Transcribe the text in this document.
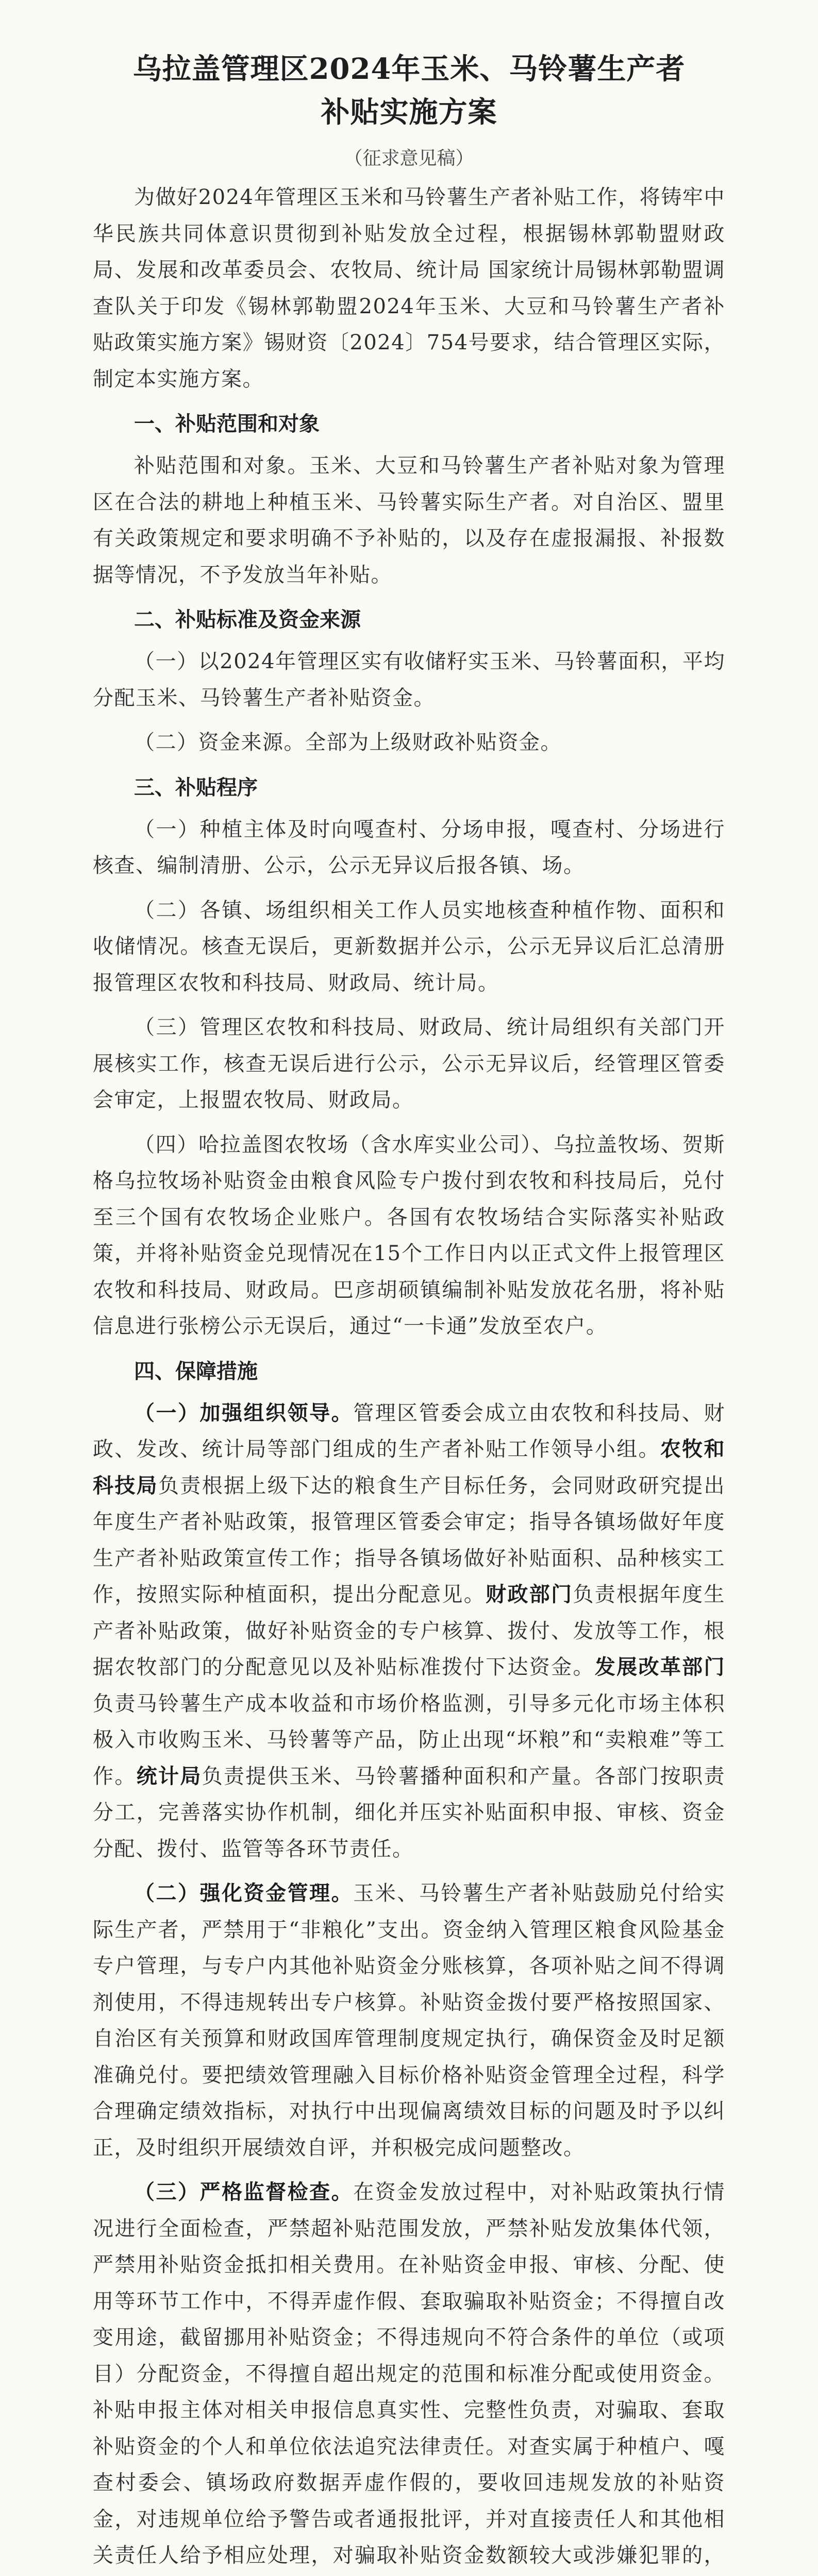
乌拉盖管理区2024年玉米、马铃薯生产者
补贴实施方案
（征求意见稿）

为做好2024年管理区玉米和马铃薯生产者补贴工作，将铸牢中华民族共同体意识贯彻到补贴发放全过程，根据锡林郭勒盟财政局、发展和改革委员会、农牧局、统计局 国家统计局锡林郭勒盟调查队关于印发《锡林郭勒盟2024年玉米、大豆和马铃薯生产者补贴政策实施方案》锡财资〔2024〕754号要求，结合管理区实际，制定本实施方案。

一、补贴范围和对象

补贴范围和对象。玉米、大豆和马铃薯生产者补贴对象为管理区在合法的耕地上种植玉米、马铃薯实际生产者。对自治区、盟里有关政策规定和要求明确不予补贴的，以及存在虚报漏报、补报数据等情况，不予发放当年补贴。

二、补贴标准及资金来源

（一）以2024年管理区实有收储籽实玉米、马铃薯面积，平均分配玉米、马铃薯生产者补贴资金。

（二）资金来源。全部为上级财政补贴资金。

三、补贴程序

（一）种植主体及时向嘎查村、分场申报，嘎查村、分场进行核查、编制清册、公示，公示无异议后报各镇、场。

（二）各镇、场组织相关工作人员实地核查种植作物、面积和收储情况。核查无误后，更新数据并公示，公示无异议后汇总清册报管理区农牧和科技局、财政局、统计局。

（三）管理区农牧和科技局、财政局、统计局组织有关部门开展核实工作，核查无误后进行公示，公示无异议后，经管理区管委会审定，上报盟农牧局、财政局。

（四）哈拉盖图农牧场（含水库实业公司）、乌拉盖牧场、贺斯格乌拉牧场补贴资金由粮食风险专户拨付到农牧和科技局后，兑付至三个国有农牧场企业账户。各国有农牧场结合实际落实补贴政策，并将补贴资金兑现情况在15个工作日内以正式文件上报管理区农牧和科技局、财政局。巴彦胡硕镇编制补贴发放花名册，将补贴信息进行张榜公示无误后，通过“一卡通”发放至农户。

四、保障措施

（一）加强组织领导。管理区管委会成立由农牧和科技局、财政、发改、统计局等部门组成的生产者补贴工作领导小组。农牧和科技局负责根据上级下达的粮食生产目标任务，会同财政研究提出年度生产者补贴政策，报管理区管委会审定；指导各镇场做好年度生产者补贴政策宣传工作；指导各镇场做好补贴面积、品种核实工作，按照实际种植面积，提出分配意见。财政部门负责根据年度生产者补贴政策，做好补贴资金的专户核算、拨付、发放等工作，根据农牧部门的分配意见以及补贴标准拨付下达资金。发展改革部门负责马铃薯生产成本收益和市场价格监测，引导多元化市场主体积极入市收购玉米、马铃薯等产品，防止出现“坏粮”和“卖粮难”等工作。统计局负责提供玉米、马铃薯播种面积和产量。各部门按职责分工，完善落实协作机制，细化并压实补贴面积申报、审核、资金分配、拨付、监管等各环节责任。

（二）强化资金管理。玉米、马铃薯生产者补贴鼓励兑付给实际生产者，严禁用于“非粮化”支出。资金纳入管理区粮食风险基金专户管理，与专户内其他补贴资金分账核算，各项补贴之间不得调剂使用，不得违规转出专户核算。补贴资金拨付要严格按照国家、自治区有关预算和财政国库管理制度规定执行，确保资金及时足额准确兑付。要把绩效管理融入目标价格补贴资金管理全过程，科学合理确定绩效指标，对执行中出现偏离绩效目标的问题及时予以纠正，及时组织开展绩效自评，并积极完成问题整改。

（三）严格监督检查。在资金发放过程中，对补贴政策执行情况进行全面检查，严禁超补贴范围发放，严禁补贴发放集体代领，严禁用补贴资金抵扣相关费用。在补贴资金申报、审核、分配、使用等环节工作中，不得弄虚作假、套取骗取补贴资金；不得擅自改变用途，截留挪用补贴资金；不得违规向不符合条件的单位（或项目）分配资金，不得擅自超出规定的范围和标准分配或使用资金。补贴申报主体对相关申报信息真实性、完整性负责，对骗取、套取补贴资金的个人和单位依法追究法律责任。对查实属于种植户、嘎查村委会、镇场政府数据弄虚作假的，要收回违规发放的补贴资金，对违规单位给予警告或者通报批评，并对直接责任人和其他相关责任人给予相应处理，对骗取补贴资金数额较大或涉嫌犯罪的，
